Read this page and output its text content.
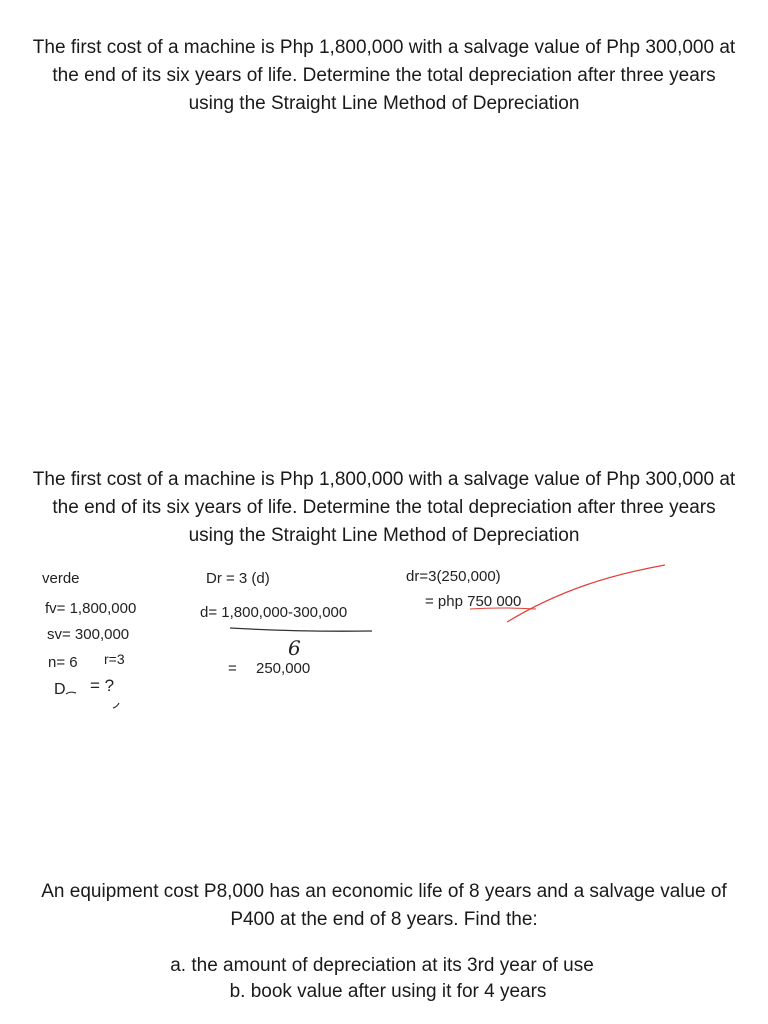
The first cost of a machine is Php 1,800,000 with a salvage value of Php 300,000 at
the end of its six years of life. Determine the total depreciation after three years
using the Straight Line Method of Depreciation
The first cost of a machine is Php 1,800,000 with a salvage value of Php 300,000 at
the end of its six years of life. Determine the total depreciation after three years
using the Straight Line Method of Depreciation
verde
fv= 1,800,000
sv= 300,000
n= 6 r=3
D = ?
Dr = 3 (d)
d= 1,800,000-300,000
6
= 250,000
dr=3(250,000)
= php 750 000
An equipment cost P8,000 has an economic life of 8 years and a salvage value of
P400 at the end of 8 years. Find the:
a. the amount of depreciation at its 3rd year of use
b. book value after using it for 4 years
